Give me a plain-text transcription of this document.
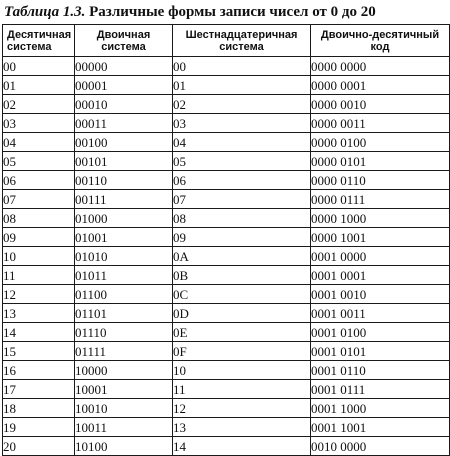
Таблица 1.3. Различные формы записи чисел от 0 до 20
Десятичная система	Двоичная система	Шестнадцатеричная система	Двоично-десятичный код
00	00000	00	0000 0000
01	00001	01	0000 0001
02	00010	02	0000 0010
03	00011	03	0000 0011
04	00100	04	0000 0100
05	00101	05	0000 0101
06	00110	06	0000 0110
07	00111	07	0000 0111
08	01000	08	0000 1000
09	01001	09	0000 1001
10	01010	0A	0001 0000
11	01011	0B	0001 0001
12	01100	0C	0001 0010
13	01101	0D	0001 0011
14	01110	0E	0001 0100
15	01111	0F	0001 0101
16	10000	10	0001 0110
17	10001	11	0001 0111
18	10010	12	0001 1000
19	10011	13	0001 1001
20	10100	14	0010 0000
